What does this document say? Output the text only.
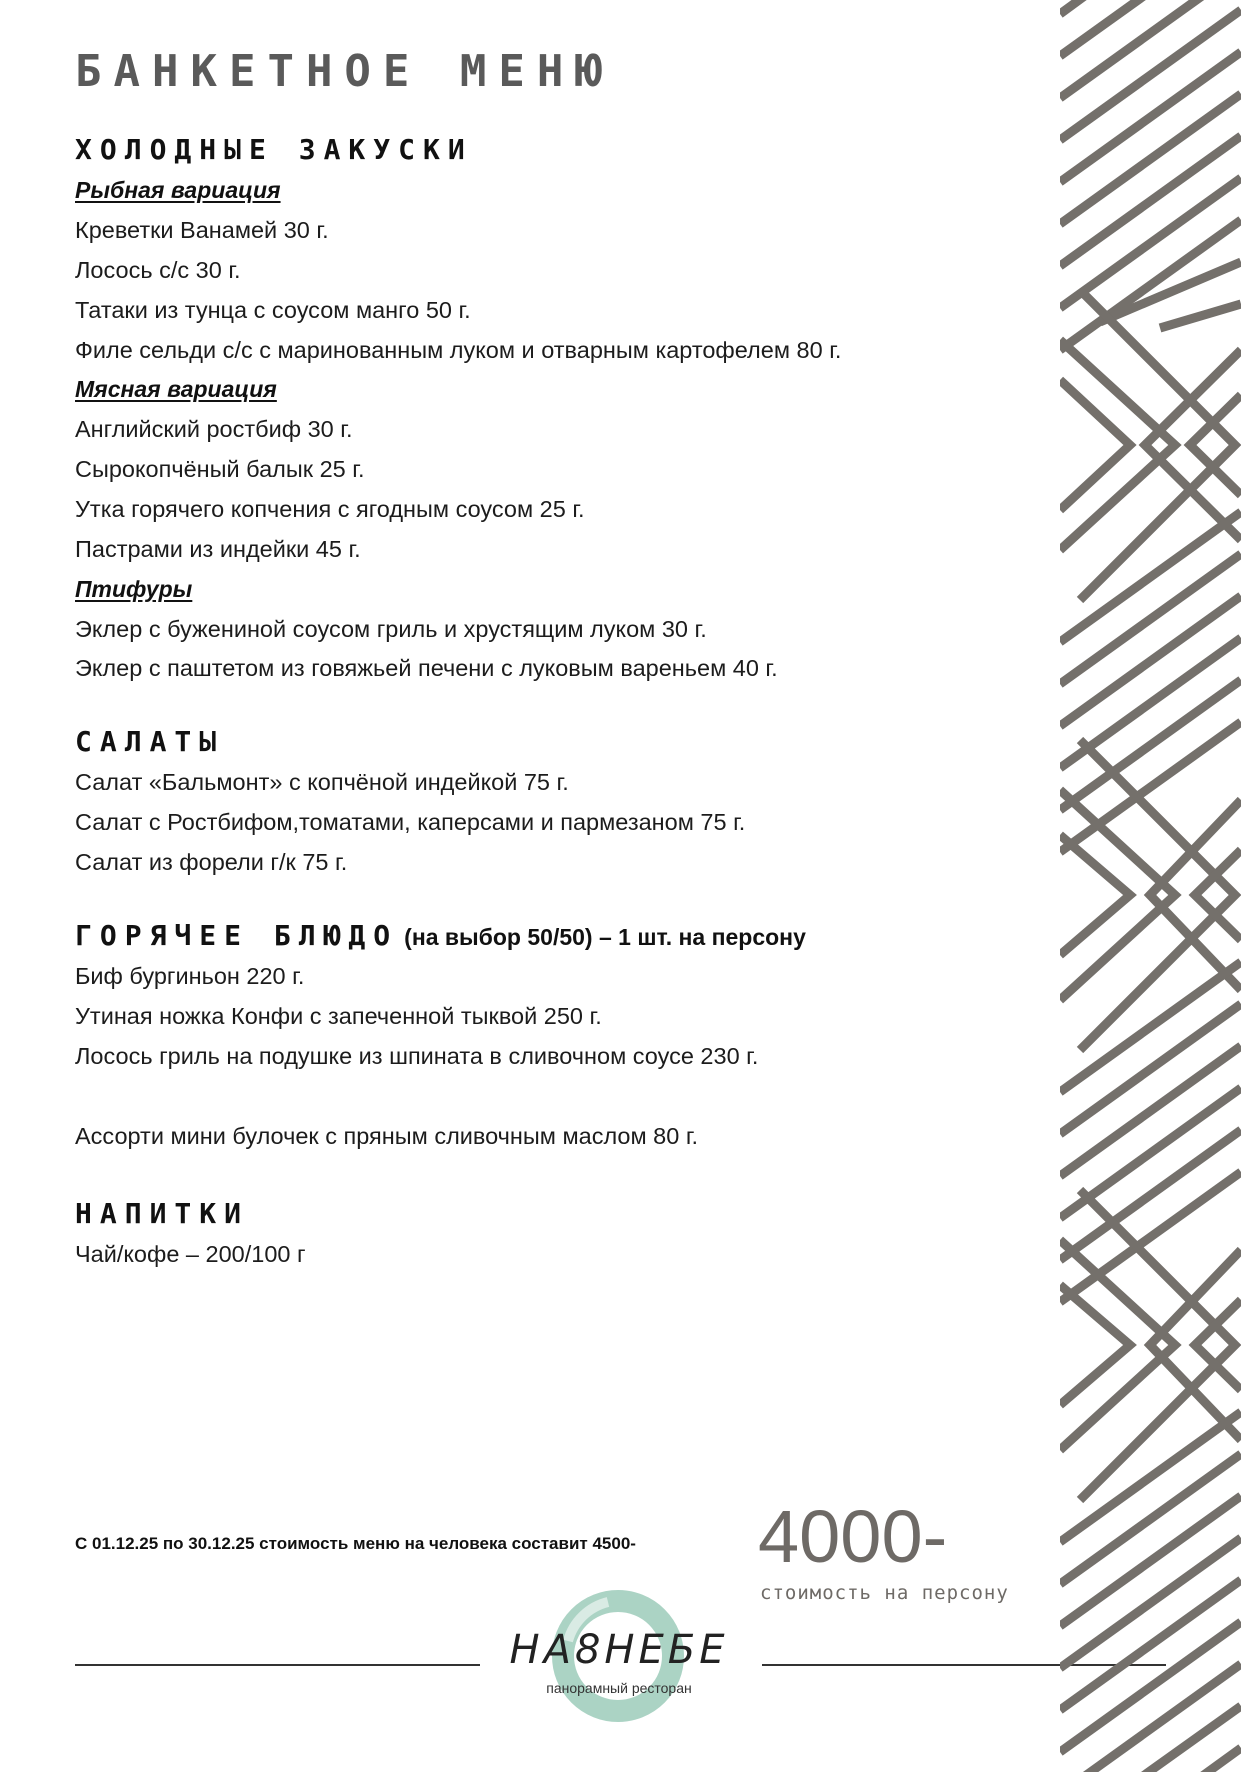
БАНКЕТНОЕ МЕНЮ
ХОЛОДНЫЕ ЗАКУСКИ
Рыбная вариация
Креветки Ванамей 30 г.
Лосось с/с 30 г.
Татаки из тунца с соусом манго 50 г.
Филе сельди с/с с маринованным луком и отварным картофелем 80 г.
Мясная вариация
Английский ростбиф 30 г.
Сырокопчёный балык 25 г.
Утка горячего копчения с ягодным соусом 25 г.
Пастрами из индейки 45 г.
Птифуры
Эклер с бужениной соусом гриль и хрустящим луком 30 г.
Эклер с паштетом из говяжьей печени с луковым вареньем 40 г.
САЛАТЫ
Салат «Бальмонт» с копчёной индейкой 75 г.
Салат с Ростбифом,томатами, каперсами и пармезаном 75 г.
Салат из форели г/к 75 г.
ГОРЯЧЕЕ БЛЮДО (на выбор 50/50) – 1 шт. на персону
Биф бургиньон 220 г.
Утиная ножка Конфи с запеченной тыквой 250 г.
Лосось гриль на подушке из шпината в сливочном соусе 230 г.
Ассорти мини булочек с пряным сливочным маслом 80 г.
НАПИТКИ
Чай/кофе – 200/100 г
С 01.12.25 по 30.12.25 стоимость меню на человека составит 4500- 4000-
стоимость на персону
НА8НЕБЕ
панорамный ресторан
